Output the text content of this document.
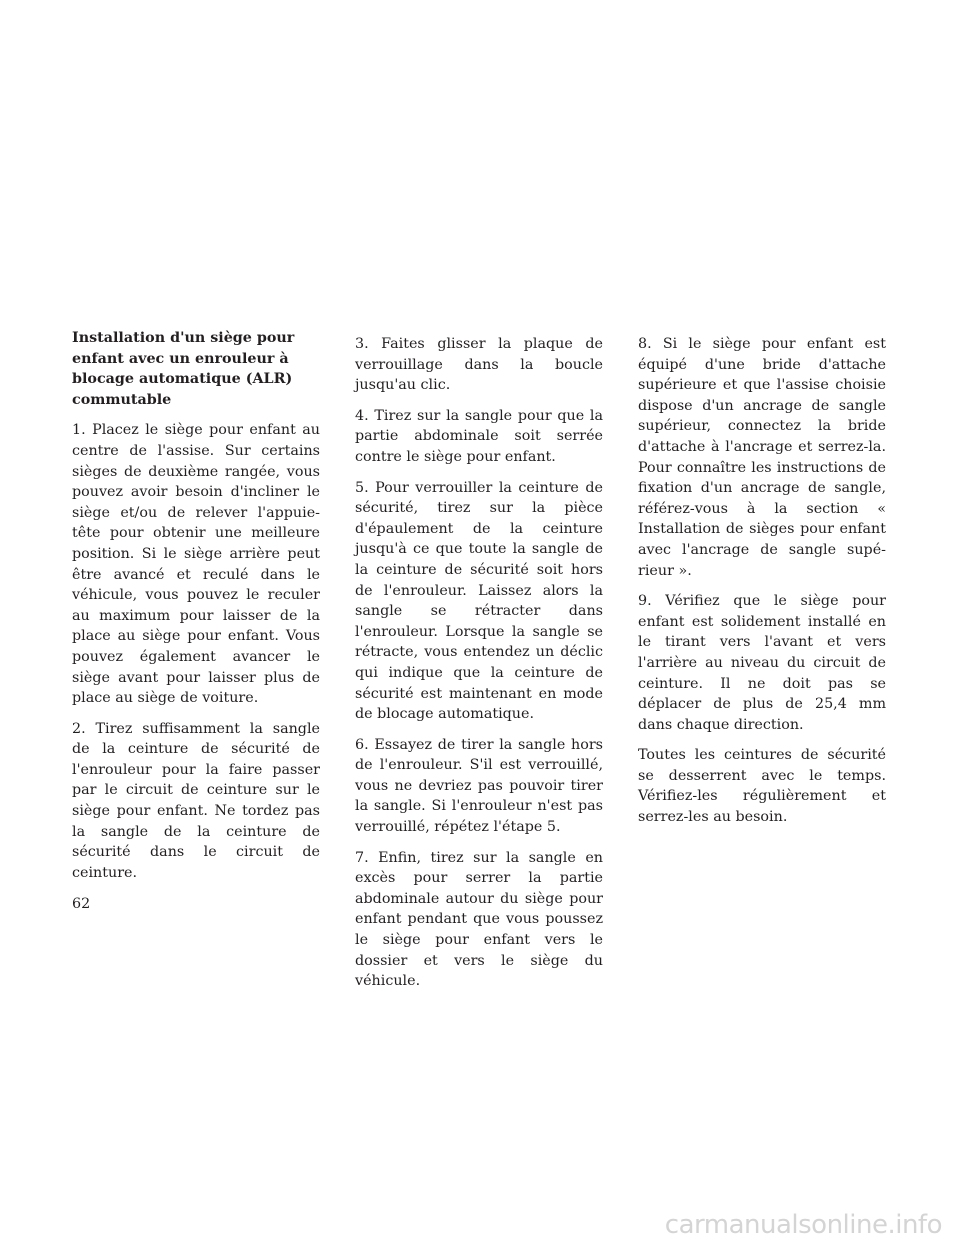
Installation d'un siège pour enfant avec un enrouleur à blocage automatique (ALR) commutable

1. Placez le siège pour enfant au centre de l'assise. Sur certains sièges de deuxième rangée, vous pouvez avoir besoin d'incliner le siège et/ou de relever l'appuie-tête pour obtenir une meilleure position. Si le siège arrière peut être avancé et reculé dans le véhicule, vous pouvez le reculer au maximum pour laisser de la place au siège pour enfant. Vous pouvez également avancer le siège avant pour laisser plus de place au siège de voiture.

2. Tirez suffisamment la sangle de la ceinture de sécurité de l'enrouleur pour la faire passer par le circuit de ceinture sur le siège pour enfant. Ne tordez pas la sangle de la ceinture de sécurité dans le circuit de ceinture.

3. Faites glisser la plaque de verrouillage dans la boucle jusqu'au clic.

4. Tirez sur la sangle pour que la partie abdominale soit serrée contre le siège pour enfant.

5. Pour verrouiller la ceinture de sécurité, tirez sur la pièce d'épaulement de la ceinture jusqu'à ce que toute la sangle de la ceinture de sécurité soit hors de l'enrouleur. Laissez alors la sangle se rétracter dans l'enrouleur. Lorsque la sangle se rétracte, vous entendez un déclic qui indique que la ceinture de sécurité est maintenant en mode de blocage automatique.

6. Essayez de tirer la sangle hors de l'enrouleur. S'il est verrouillé, vous ne devriez pas pouvoir tirer la sangle. Si l'enrouleur n'est pas verrouillé, répétez l'étape 5.

7. Enfin, tirez sur la sangle en excès pour serrer la partie abdominale autour du siège pour enfant pendant que vous poussez le siège pour enfant vers le dossier et vers le siège du véhicule.

8. Si le siège pour enfant est équipé d'une bride d'attache supérieure et que l'assise choisie dispose d'un ancrage de sangle supérieur, connectez la bride d'attache à l'ancrage et serrez-la. Pour connaître les instructions de fixation d'un ancrage de sangle, référez-vous à la section « Installation de sièges pour enfant avec l'ancrage de sangle supérieur ».

9. Vérifiez que le siège pour enfant est solidement installé en le tirant vers l'avant et vers l'arrière au niveau du circuit de ceinture. Il ne doit pas se déplacer de plus de 25,4 mm dans chaque direction.

Toutes les ceintures de sécurité se desserrent avec le temps. Vérifiez-les régulièrement et serrez-les au besoin.

62
carmanualsonline.info
